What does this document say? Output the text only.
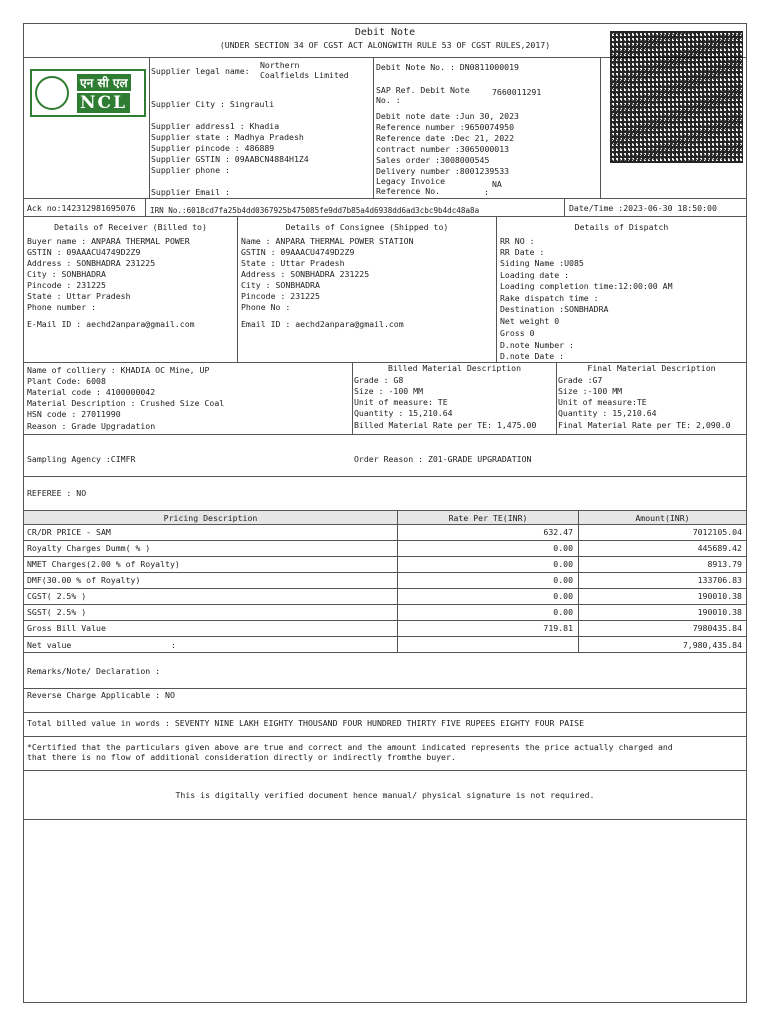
Debit Note
(UNDER SECTION 34 OF CGST ACT ALONGWITH RULE 53 OF CGST RULES,2017)
एन सी एल
NCL
Supplier legal name:
Northern
Coalfields Limited
Supplier City : Singrauli
Supplier address1 : Khadia
Supplier state : Madhya Pradesh
Supplier pincode : 486889
Supplier GSTIN : 09AABCN4884H1Z4
Supplier phone :
Supplier Email :
Debit Note No. : DN0811000019
SAP Ref. Debit Note
No. :
7660011291
Debit note date :Jun 30, 2023
Reference number :9650074950
Reference date :Dec 21, 2022
contract number :3065000013
Sales order :3008000545
Delivery number :8001239533
Legacy Invoice
Reference No.
NA
:
Ack no:142312981695076 IRN No.:6018cd7fa25b4dd0367925b475085fe9dd7b85a4d6938dd6ad3cbc9b4dc48a8a	Date/Time :2023-06-30 18:50:00
Details of Receiver (Billed to)	Details of Consignee (Shipped to)	Details of Dispatch
Buyer name : ANPARA THERMAL POWER
GSTIN : 09AAACU4749D2Z9
Address : SONBHADRA 231225
City : SONBHADRA
Pincode : 231225
State : Uttar Pradesh
Phone number :
E-Mail ID : aechd2anpara@gmail.com
Name : ANPARA THERMAL POWER STATION
GSTIN : 09AAACU4749D2Z9
State : Uttar Pradesh
Address : SONBHADRA 231225
City : SONBHADRA
Pincode : 231225
Phone No :
Email ID : aechd2anpara@gmail.com
RR NO :
RR Date :
Siding Name :U085
Loading date :
Loading completion time:12:00:00 AM
Rake dispatch time :
Destination :SONBHADRA
Net weight 0
Gross 0
D.note Number :
D.note Date :
Name of colliery : KHADIA OC Mine, UP
Plant Code: 6008
Material code : 4100000042
Material Description : Crushed Size Coal
HSN code : 27011990
Reason : Grade Upgradation
Billed Material Description
Grade : G8
Size : -100 MM
Unit of measure: TE
Quantity : 15,210.64
Billed Material Rate per TE: 1,475.00
Final Material Description
Grade :G7
Size :-100 MM
Unit of measure:TE
Quantity : 15,210.64
Final Material Rate per TE: 2,090.0
Sampling Agency :CIMFR	Order Reason : Z01-GRADE UPGRADATION
REFEREE : NO
Pricing Description	Rate Per TE(INR)	Amount(INR)
CR/DR PRICE - SAM	632.47	7012105.04
Royalty Charges Dumm( % )	0.00	445689.42
NMET Charges(2.00 % of Royalty)	0.00	8913.79
DMF(30.00 % of Royalty)	0.00	133706.83
CGST( 2.5% )	0.00	190010.38
SGST( 2.5% )	0.00	190010.38
Gross Bill Value	719.81	7980435.84
Net value	:	7,980,435.84
Remarks/Note/ Declaration :
Reverse Charge Applicable : NO
Total billed value in words : SEVENTY NINE LAKH EIGHTY THOUSAND FOUR HUNDRED THIRTY FIVE RUPEES EIGHTY FOUR PAISE
*Certified that the particulars given above are true and correct and the amount indicated represents the price actually charged and
that there is no flow of additional consideration directly or indirectly fromthe buyer.
This is digitally verified document hence manual/ physical signature is not required.
